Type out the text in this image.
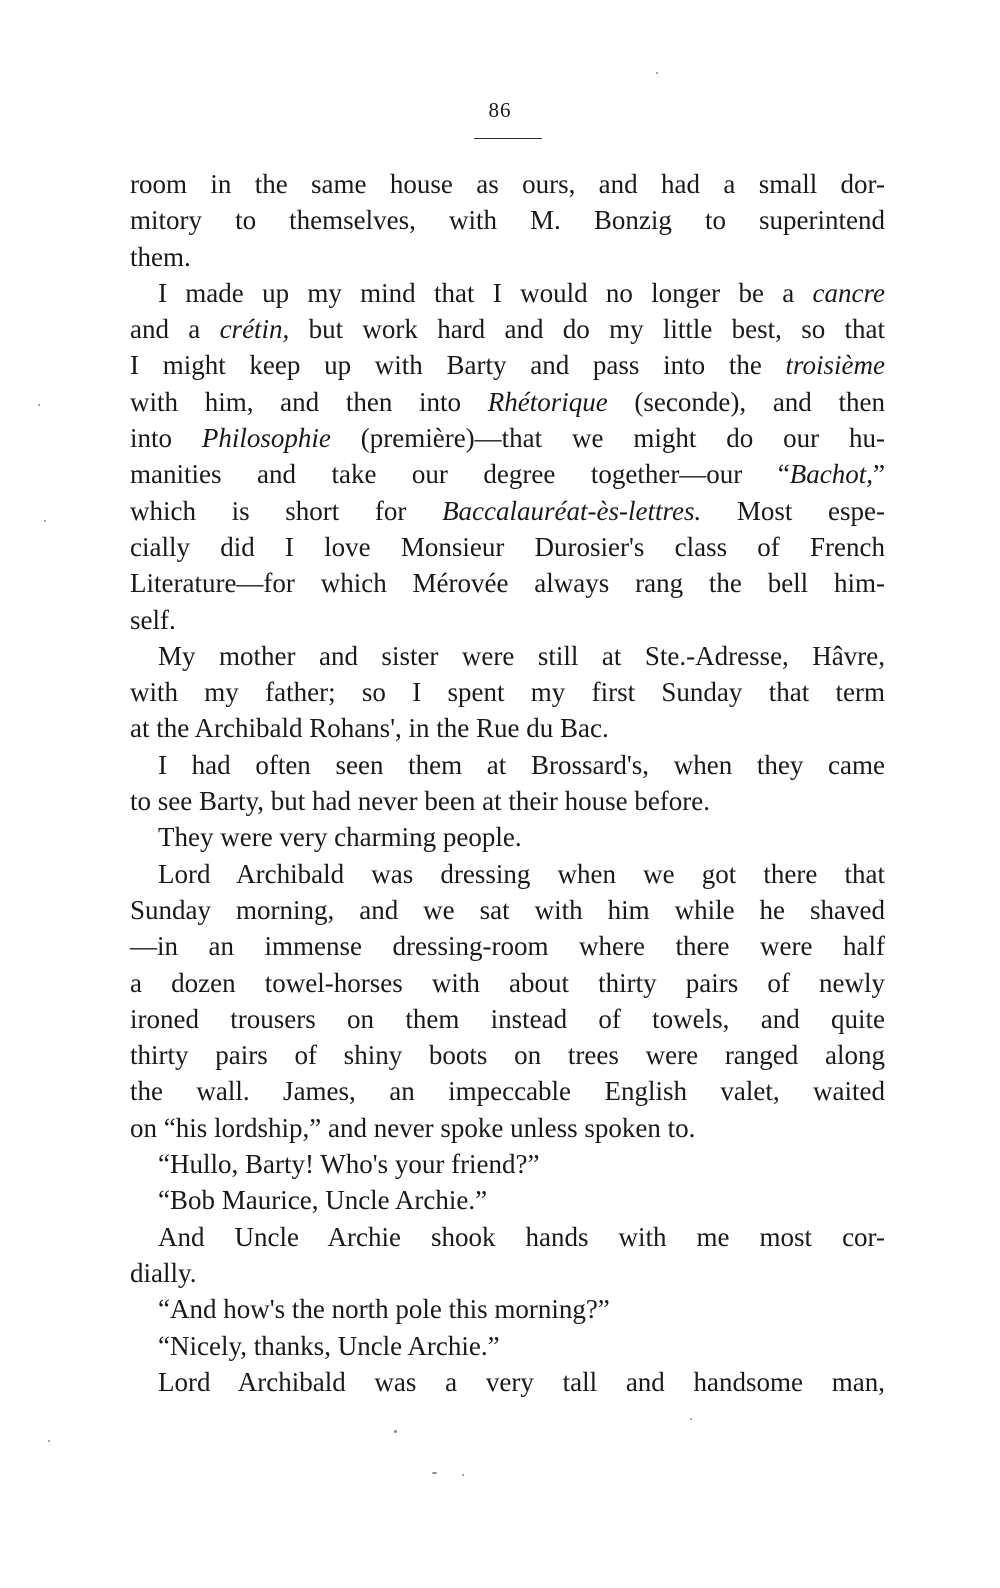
86
room in the same house as ours, and had a small dor-
mitory to themselves, with M. Bonzig to superintend
them.
I made up my mind that I would no longer be a cancre
and a crétin, but work hard and do my little best, so that
I might keep up with Barty and pass into the troisième
with him, and then into Rhétorique (seconde), and then
into Philosophie (première)—that we might do our hu-
manities and take our degree together—our “Bachot,”
which is short for Baccalauréat-ès-lettres. Most espe-
cially did I love Monsieur Durosier's class of French
Literature—for which Mérovée always rang the bell him-
self.
My mother and sister were still at Ste.-Adresse, Hâvre,
with my father; so I spent my first Sunday that term
at the Archibald Rohans', in the Rue du Bac.
I had often seen them at Brossard's, when they came
to see Barty, but had never been at their house before.
They were very charming people.
Lord Archibald was dressing when we got there that
Sunday morning, and we sat with him while he shaved
—in an immense dressing-room where there were half
a dozen towel-horses with about thirty pairs of newly
ironed trousers on them instead of towels, and quite
thirty pairs of shiny boots on trees were ranged along
the wall. James, an impeccable English valet, waited
on “his lordship,” and never spoke unless spoken to.
“Hullo, Barty! Who's your friend?”
“Bob Maurice, Uncle Archie.”
And Uncle Archie shook hands with me most cor-
dially.
“And how's the north pole this morning?”
“Nicely, thanks, Uncle Archie.”
Lord Archibald was a very tall and handsome man,
